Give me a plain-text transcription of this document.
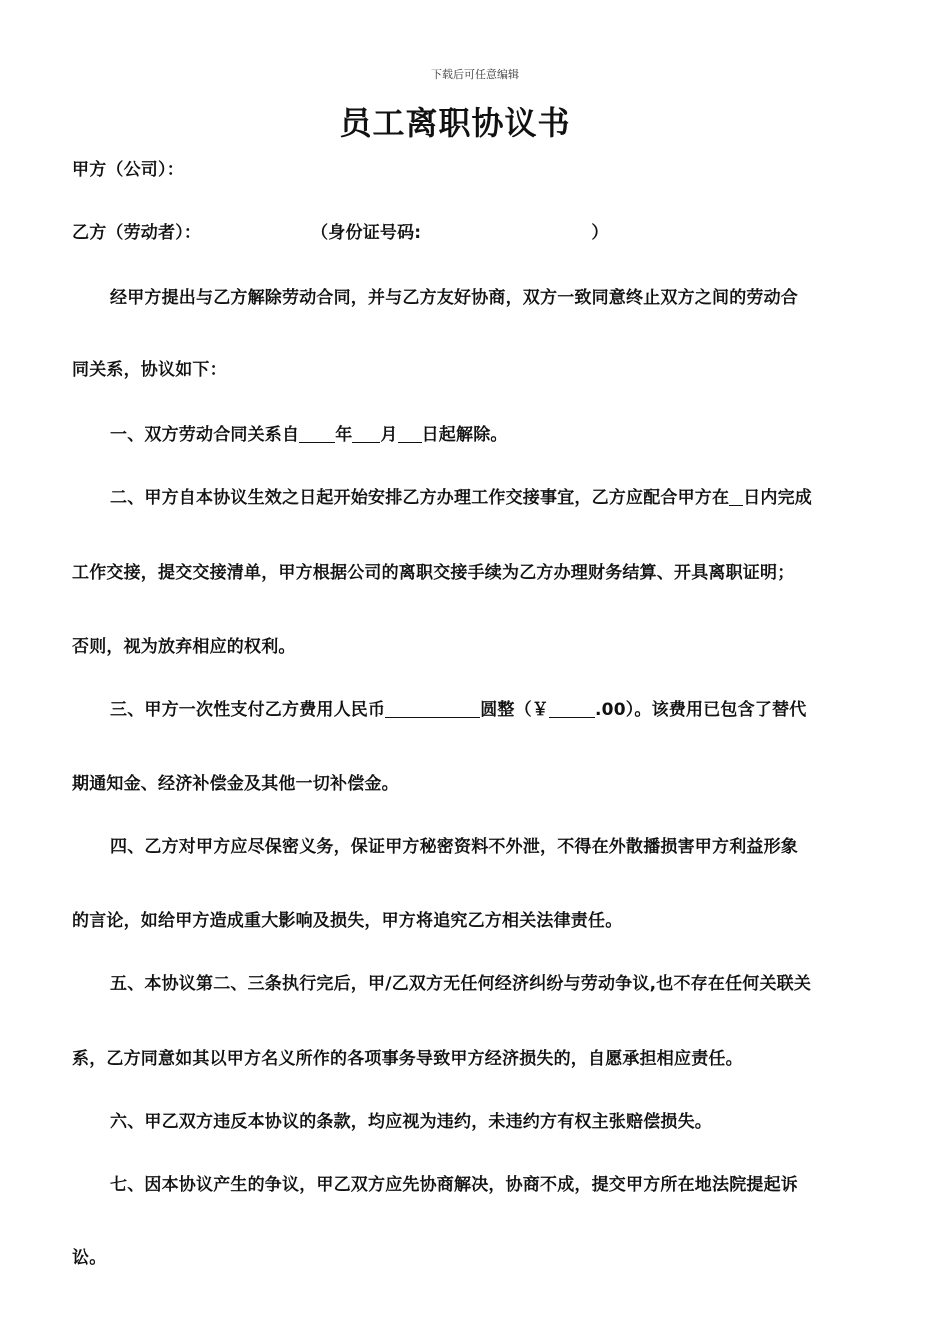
下载后可任意编辑
员工离职协议书
甲方（公司）：
乙方（劳动者）：	（身份证号码:	）
经甲方提出与乙方解除劳动合同，并与乙方友好协商，双方一致同意终止双方之间的劳动合
同关系，协议如下：
一、双方劳动合同关系自 年 月 日起解除。
二、甲方自本协议生效之日起开始安排乙方办理工作交接事宜，乙方应配合甲方在 日内完成
工作交接，提交交接清单，甲方根据公司的离职交接手续为乙方办理财务结算、开具离职证明；
否则，视为放弃相应的权利。
三、甲方一次性支付乙方费用人民币	圆整（￥	.00）。该费用已包含了替代
期通知金、经济补偿金及其他一切补偿金。
四、乙方对甲方应尽保密义务，保证甲方秘密资料不外泄，不得在外散播损害甲方利益形象
的言论，如给甲方造成重大影响及损失，甲方将追究乙方相关法律责任。
五、本协议第二、三条执行完后，甲/乙双方无任何经济纠纷与劳动争议,也不存在任何关联关
系，乙方同意如其以甲方名义所作的各项事务导致甲方经济损失的，自愿承担相应责任。
六、甲乙双方违反本协议的条款，均应视为违约，未违约方有权主张赔偿损失。
七、因本协议产生的争议，甲乙双方应先协商解决，协商不成，提交甲方所在地法院提起诉
讼。
